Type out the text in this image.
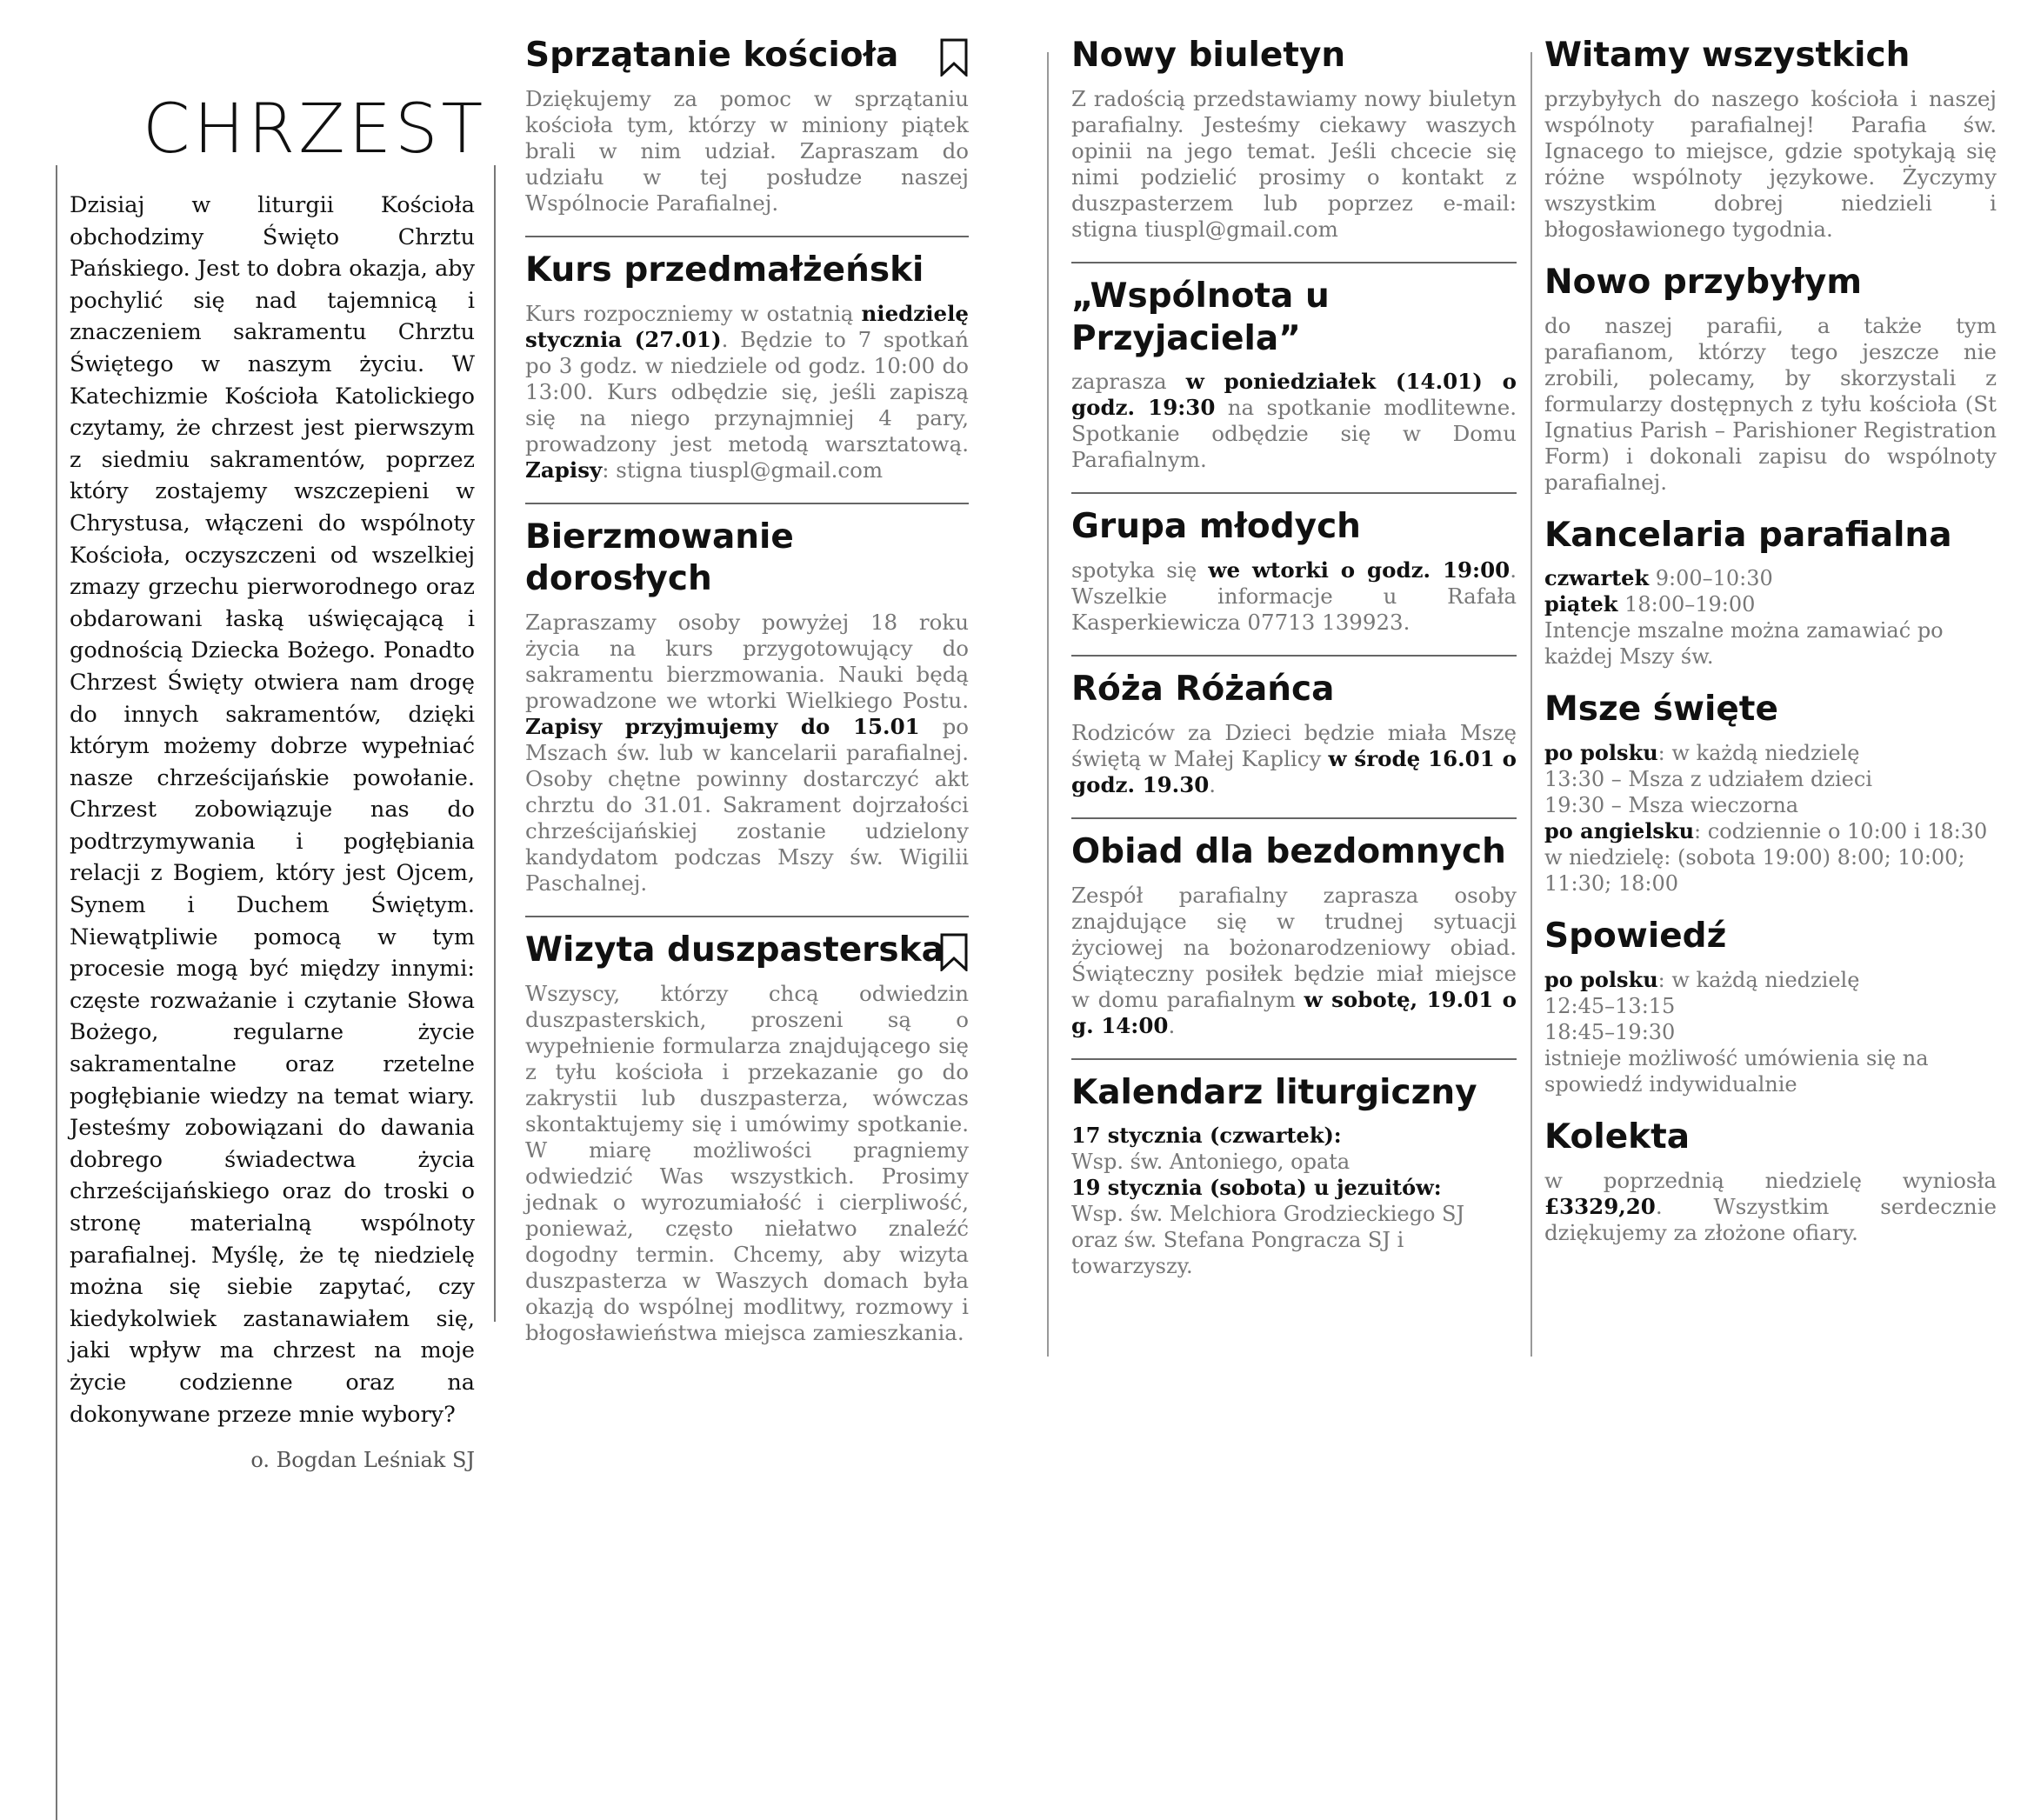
CHRZEST

Dzisiaj w liturgii Kościoła obchodzimy Święto Chrztu Pańskiego. Jest to dobra okazja, aby pochylić się nad tajemnicą i znaczeniem sakramentu Chrztu Świętego w naszym życiu. W Katechizmie Kościoła Katolickiego czytamy, że chrzest jest pierwszym z siedmiu sakramentów, poprzez który zostajemy wszczepieni w Chrystusa, włączeni do wspólnoty Kościoła, oczyszczeni od wszelkiej zmazy grzechu pierworodnego oraz obdarowani łaską uświęcającą i godnością Dziecka Bożego. Ponadto Chrzest Święty otwiera nam drogę do innych sakramentów, dzięki którym możemy dobrze wypełniać nasze chrześcijańskie powołanie. Chrzest zobowiązuje nas do podtrzymywania i pogłębiania relacji z Bogiem, który jest Ojcem, Synem i Duchem Świętym. Niewątpliwie pomocą w tym procesie mogą być między innymi: częste rozważanie i czytanie Słowa Bożego, regularne życie sakramentalne oraz rzetelne pogłębianie wiedzy na temat wiary. Jesteśmy zobowiązani do dawania dobrego świadectwa życia chrześcijańskiego oraz do troski o stronę materialną wspólnoty parafialnej. Myślę, że tę niedzielę można się siebie zapytać, czy kiedykolwiek zastanawiałem się, jaki wpływ ma chrzest na moje życie codzienne oraz na dokonywane przeze mnie wybory?

o. Bogdan Leśniak SJ
Sprzątanie kościoła

Dziękujemy za pomoc w sprzątaniu kościoła tym, którzy w miniony piątek brali w nim udział. Zapraszam do udziału w tej posłudze naszej Wspólnocie Parafialnej.

Kurs przedmałżeński

Kurs rozpoczniemy w ostatnią niedzielę stycznia (27.01). Będzie to 7 spotkań po 3 godz. w niedziele od godz. 10:00 do 13:00. Kurs odbędzie się, jeśli zapiszą się na niego przynajmniej 4 pary, prowadzony jest metodą warsztatową. Zapisy: stigna tiuspl@gmail.com

Bierzmowanie dorosłych

Zapraszamy osoby powyżej 18 roku życia na kurs przygotowujący do sakramentu bierzmowania. Nauki będą prowadzone we wtorki Wielkiego Postu. Zapisy przyjmujemy do 15.01 po Mszach św. lub w kancelarii parafialnej. Osoby chętne powinny dostarczyć akt chrztu do 31.01. Sakrament dojrzałości chrześcijańskiej zostanie udzielony kandydatom podczas Mszy św. Wigilii Paschalnej.

Wizyta duszpasterska

Wszyscy, którzy chcą odwiedzin duszpasterskich, proszeni są o wypełnienie formularza znajdującego się z tyłu kościoła i przekazanie go do zakrystii lub duszpasterza, wówczas skontaktujemy się i umówimy spotkanie. W miarę możliwości pragniemy odwiedzić Was wszystkich. Prosimy jednak o wyrozumiałość i cierpliwość, ponieważ, często niełatwo znaleźć dogodny termin. Chcemy, aby wizyta duszpasterza w Waszych domach była okazją do wspólnej modlitwy, rozmowy i błogosławieństwa miejsca zamieszkania.

Nowy biuletyn

Z radością przedstawiamy nowy biuletyn parafialny. Jesteśmy ciekawy waszych opinii na jego temat. Jeśli chcecie się nimi podzielić prosimy o kontakt z duszpasterzem lub poprzez e-mail: stigna tiuspl@gmail.com

„Wspólnota u Przyjaciela”

zaprasza w poniedziałek (14.01) o godz. 19:30 na spotkanie modlitewne. Spotkanie odbędzie się w Domu Parafialnym.

Grupa młodych

spotyka się we wtorki o godz. 19:00. Wszelkie informacje u Rafała Kasperkiewicza 07713 139923.

Róża Różańca

Rodziców za Dzieci będzie miała Mszę świętą w Małej Kaplicy w środę 16.01 o godz. 19.30.

Obiad dla bezdomnych

Zespół parafialny zaprasza osoby znajdujące się w trudnej sytuacji życiowej na bożonarodzeniowy obiad. Świąteczny posiłek będzie miał miejsce w domu parafialnym w sobotę, 19.01 o g. 14:00.

Kalendarz liturgiczny

17 stycznia (czwartek):

Wsp. św. Antoniego, opata

19 stycznia (sobota) u jezuitów:

Wsp. św. Melchiora Grodzieckiego SJ oraz św. Stefana Pongracza SJ i towarzyszy.

Witamy wszystkich

przybyłych do naszego kościoła i naszej wspólnoty parafialnej! Parafia św. Ignacego to miejsce, gdzie spotykają się różne wspólnoty językowe. Życzymy wszystkim dobrej niedzieli i błogosławionego tygodnia.

Nowo przybyłym

do naszej parafii, a także tym parafianom, którzy tego jeszcze nie zrobili, polecamy, by skorzystali z formularzy dostępnych z tyłu kościoła (St Ignatius Parish – Parishioner Registration Form) i dokonali zapisu do wspólnoty parafialnej.

Kancelaria parafialna

czwartek 9:00–10:30

piątek 18:00–19:00

Intencje mszalne można zamawiać po każdej Mszy św.

Msze święte

po polsku: w każdą niedzielę

13:30 – Msza z udziałem dzieci

19:30 – Msza wieczorna

po angielsku: codziennie o 10:00 i 18:30 w niedzielę: (sobota 19:00) 8:00; 10:00; 11:30; 18:00

Spowiedź

po polsku: w każdą niedzielę

12:45–13:15

18:45–19:30

istnieje możliwość umówienia się na spowiedź indywidualnie

Kolekta

w poprzednią niedzielę wyniosła £3329,20. Wszystkim serdecznie dziękujemy za złożone ofiary.
